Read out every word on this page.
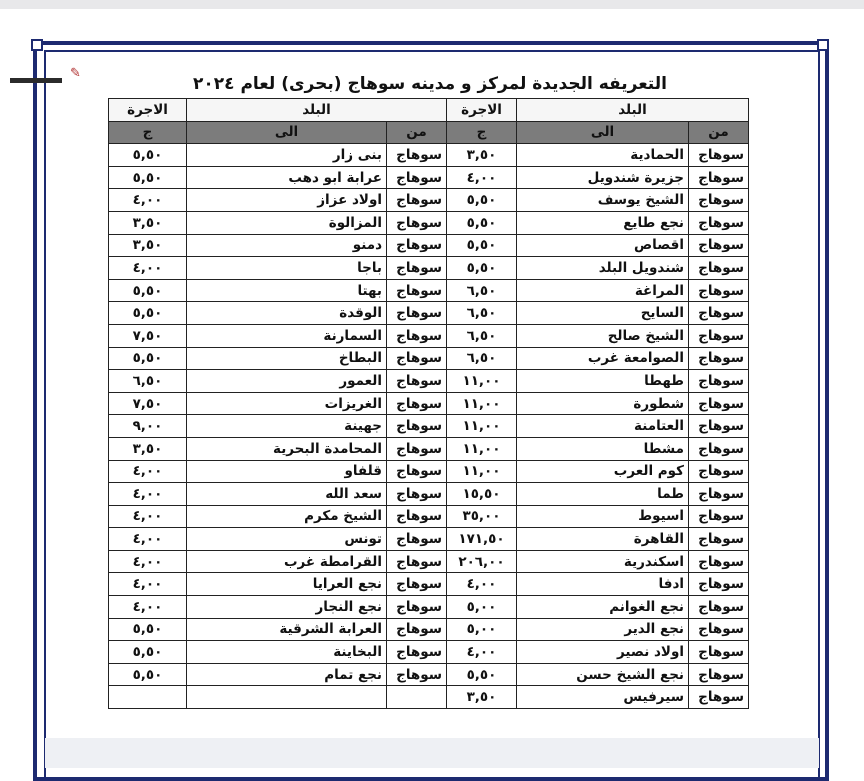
✎
التعريفه الجديدة لمركز و مدينه سوهاج (بحرى) لعام ٢٠٢٤
البلد		الاجرة	البلد		الاجرة
من	الى	ج	من	الى	ج
سوهاج	الحمادية	٣,٥٠	سوهاج	بنى زار	٥,٥٠
سوهاج	جزيرة شندويل	٤,٠٠	سوهاج	عرابة ابو دهب	٥,٥٠
سوهاج	الشيخ يوسف	٥,٥٠	سوهاج	اولاد عزاز	٤,٠٠
سوهاج	نجع طايع	٥,٥٠	سوهاج	المزالوة	٣,٥٠
سوهاج	اقصاص	٥,٥٠	سوهاج	دمنو	٣,٥٠
سوهاج	شندويل البلد	٥,٥٠	سوهاج	باجا	٤,٠٠
سوهاج	المراغة	٦,٥٠	سوهاج	بهتا	٥,٥٠
سوهاج	السايح	٦,٥٠	سوهاج	الوقدة	٥,٥٠
سوهاج	الشيخ صالح	٦,٥٠	سوهاج	السمارنة	٧,٥٠
سوهاج	الصوامعة غرب	٦,٥٠	سوهاج	البطاخ	٥,٥٠
سوهاج	طهطا	١١,٠٠	سوهاج	العمور	٦,٥٠
سوهاج	شطورة	١١,٠٠	سوهاج	الغريزات	٧,٥٠
سوهاج	العتامنة	١١,٠٠	سوهاج	جهينة	٩,٠٠
سوهاج	مشطا	١١,٠٠	سوهاج	المحامدة البحرية	٣,٥٠
سوهاج	كوم العرب	١١,٠٠	سوهاج	قلفاو	٤,٠٠
سوهاج	طما	١٥,٥٠	سوهاج	سعد الله	٤,٠٠
سوهاج	اسيوط	٣٥,٠٠	سوهاج	الشيخ مكرم	٤,٠٠
سوهاج	القاهرة	١٧١,٥٠	سوهاج	تونس	٤,٠٠
سوهاج	اسكندرية	٢٠٦,٠٠	سوهاج	القرامطة غرب	٤,٠٠
سوهاج	ادفا	٤,٠٠	سوهاج	نجع العرايا	٤,٠٠
سوهاج	نجع الغوانم	٥,٠٠	سوهاج	نجع النجار	٤,٠٠
سوهاج	نجع الدير	٥,٠٠	سوهاج	العرابة الشرقية	٥,٥٠
سوهاج	اولاد نصير	٤,٠٠	سوهاج	البخاينة	٥,٥٠
سوهاج	نجع الشيخ حسن	٥,٥٠	سوهاج	نجع تمام	٥,٥٠
سوهاج	سيرفيس	٣,٥٠			
